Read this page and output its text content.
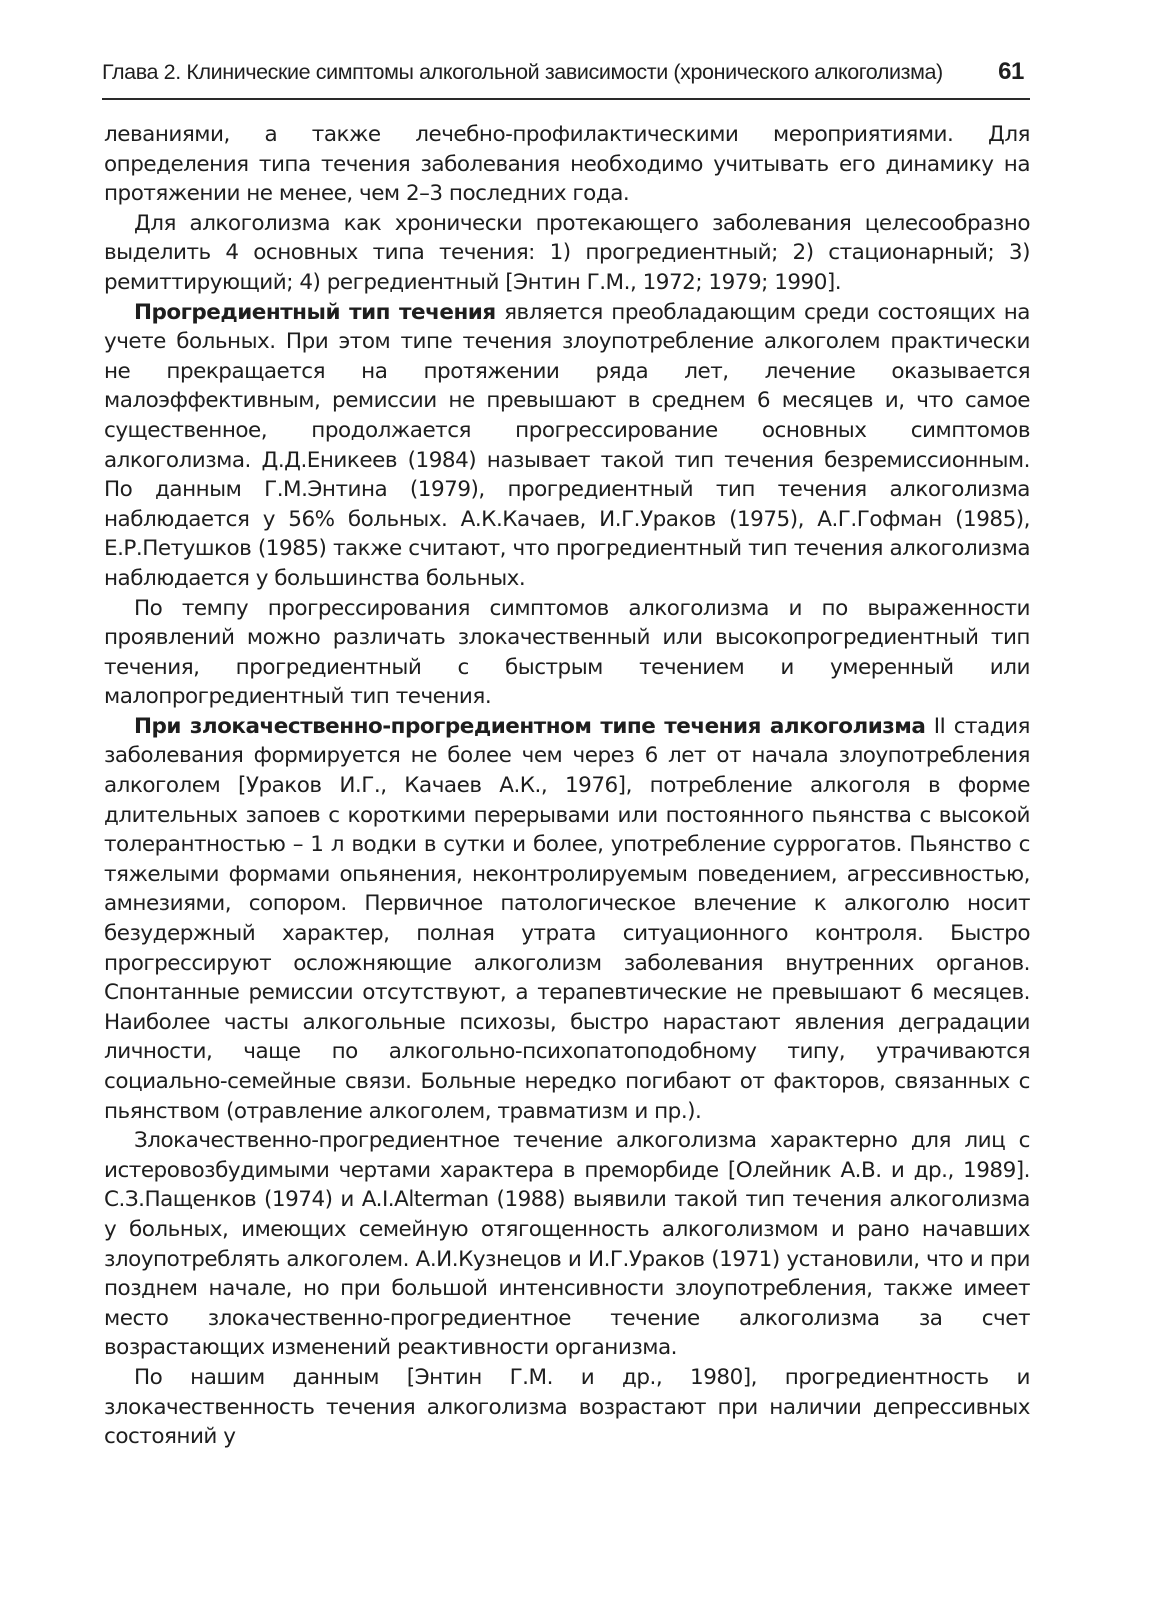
Глава 2. Клинические симптомы алкогольной зависимости (хронического алкоголизма) 61

леваниями, а также лечебно-профилактическими мероприятиями. Для определения типа течения заболевания необходимо учитывать его динамику на протяжении не менее, чем 2–3 последних года.

Для алкоголизма как хронически протекающего заболевания целесообразно выделить 4 основных типа течения: 1) прогредиентный; 2) стационарный; 3) ремиттирующий; 4) регредиентный [Энтин Г.М., 1972; 1979; 1990].

Прогредиентный тип течения является преобладающим среди состоящих на учете больных. При этом типе течения злоупотребление алкоголем практически не прекращается на протяжении ряда лет, лечение оказывается малоэффективным, ремиссии не превышают в среднем 6 месяцев и, что самое существенное, продолжается прогрессирование основных симптомов алкоголизма. Д.Д.Еникеев (1984) называет такой тип течения безремиссионным. По данным Г.М.Энтина (1979), прогредиентный тип течения алкоголизма наблюдается у 56% больных. А.К.Качаев, И.Г.Ураков (1975), А.Г.Гофман (1985), Е.Р.Петушков (1985) также считают, что прогредиентный тип течения алкоголизма наблюдается у большинства больных.

По темпу прогрессирования симптомов алкоголизма и по выраженности проявлений можно различать злокачественный или высокопрогредиентный тип течения, прогредиентный с быстрым течением и умеренный или малопрогредиентный тип течения.

При злокачественно-прогредиентном типе течения алкоголизма II стадия заболевания формируется не более чем через 6 лет от начала злоупотребления алкоголем [Ураков И.Г., Качаев А.К., 1976], потребление алкоголя в форме длительных запоев с короткими перерывами или постоянного пьянства с высокой толерантностью – 1 л водки в сутки и более, употребление суррогатов. Пьянство с тяжелыми формами опьянения, неконтролируемым поведением, агрессивностью, амнезиями, сопором. Первичное патологическое влечение к алкоголю носит безудержный характер, полная утрата ситуационного контроля. Быстро прогрессируют осложняющие алкоголизм заболевания внутренних органов. Спонтанные ремиссии отсутствуют, а терапевтические не превышают 6 месяцев. Наиболее часты алкогольные психозы, быстро нарастают явления деградации личности, чаще по алкогольно-психопатоподобному типу, утрачиваются социально-семейные связи. Больные нередко погибают от факторов, связанных с пьянством (отравление алкоголем, травматизм и пр.).

Злокачественно-прогредиентное течение алкоголизма характерно для лиц с истеровозбудимыми чертами характера в преморбиде [Олейник А.В. и др., 1989]. С.З.Пащенков (1974) и A.I.Alterman (1988) выявили такой тип течения алкоголизма у больных, имеющих семейную отягощенность алкоголизмом и рано начавших злоупотреблять алкоголем. А.И.Кузнецов и И.Г.Ураков (1971) установили, что и при позднем начале, но при большой интенсивности злоупотребления, также имеет место злокачественно-прогредиентное течение алкоголизма за счет возрастающих изменений реактивности организма.

По нашим данным [Энтин Г.М. и др., 1980], прогредиентность и злокачественность течения алкоголизма возрастают при наличии депрессивных состояний у
